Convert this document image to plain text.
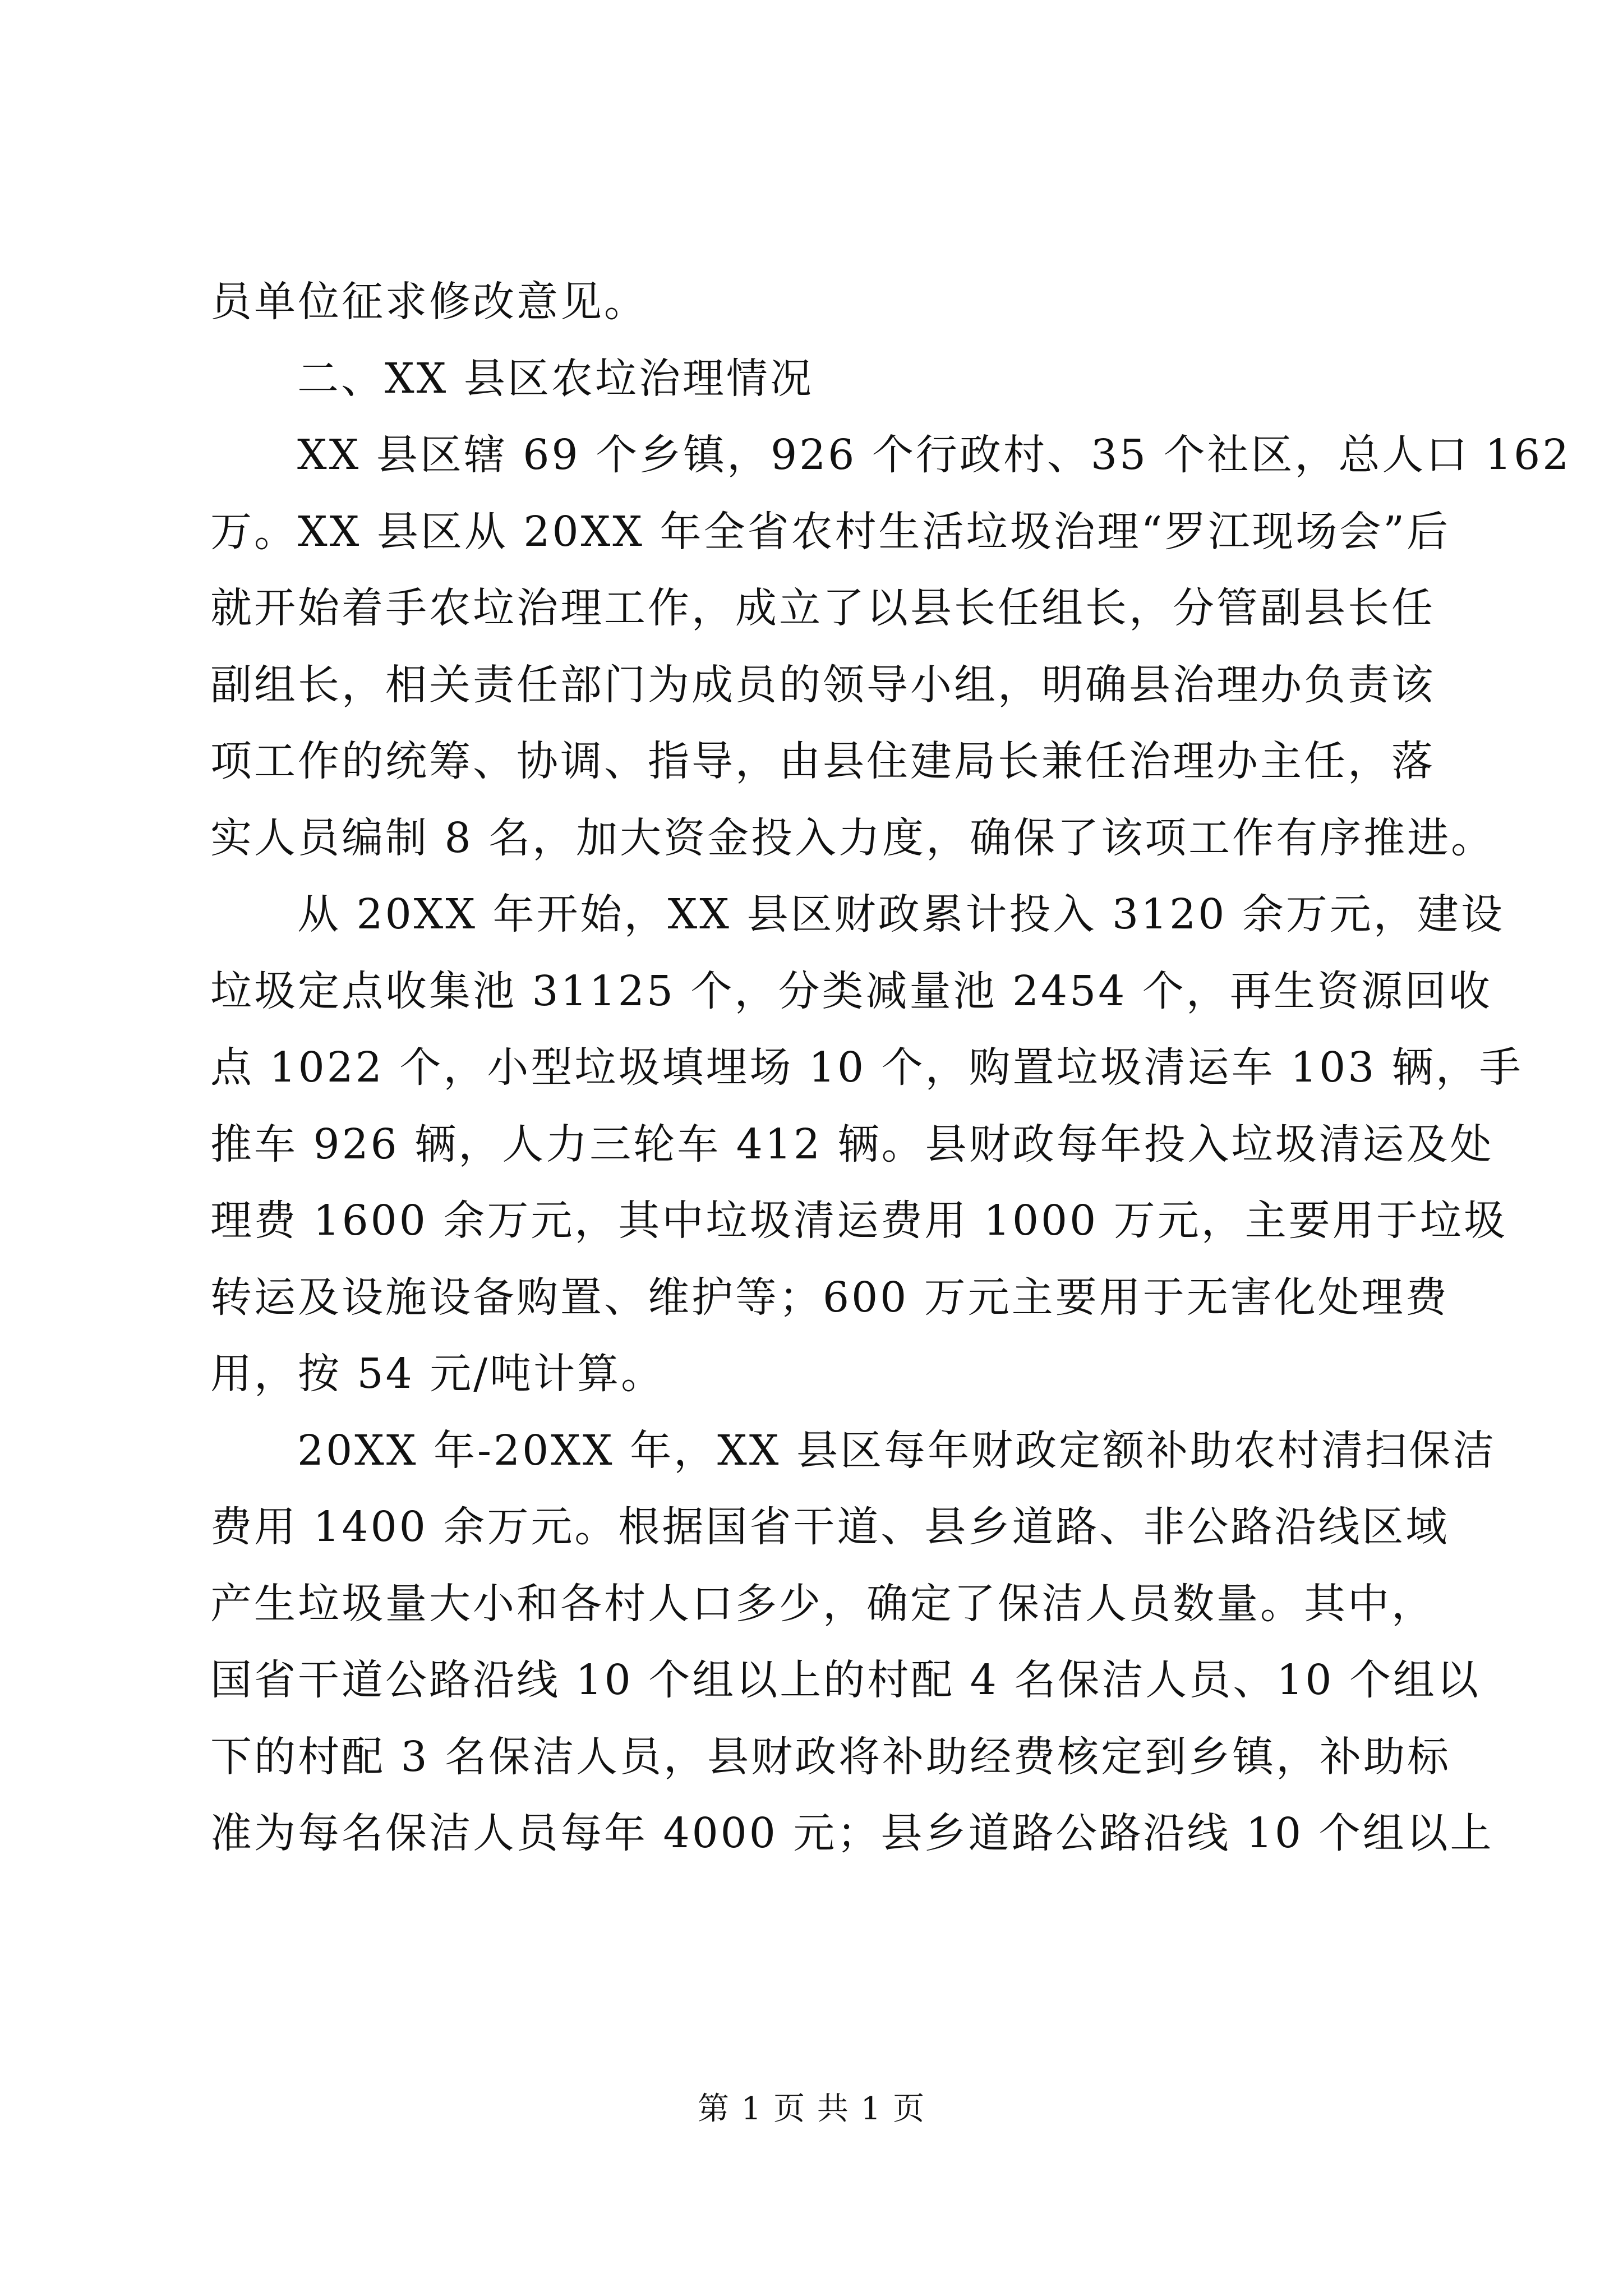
员单位征求修改意见。
二、XX 县区农垃治理情况
XX 县区辖 69 个乡镇，926 个行政村、35 个社区，总人口 162
万。XX 县区从 20XX 年全省农村生活垃圾治理“罗江现场会”后
就开始着手农垃治理工作，成立了以县长任组长，分管副县长任
副组长，相关责任部门为成员的领导小组，明确县治理办负责该
项工作的统筹、协调、指导，由县住建局长兼任治理办主任，落
实人员编制 8 名，加大资金投入力度，确保了该项工作有序推进。
从 20XX 年开始，XX 县区财政累计投入 3120 余万元，建设
垃圾定点收集池 31125 个，分类减量池 2454 个，再生资源回收
点 1022 个，小型垃圾填埋场 10 个，购置垃圾清运车 103 辆，手
推车 926 辆，人力三轮车 412 辆。县财政每年投入垃圾清运及处
理费 1600 余万元，其中垃圾清运费用 1000 万元，主要用于垃圾
转运及设施设备购置、维护等；600 万元主要用于无害化处理费
用，按 54 元/吨计算。
20XX 年-20XX 年，XX 县区每年财政定额补助农村清扫保洁
费用 1400 余万元。根据国省干道、县乡道路、非公路沿线区域
产生垃圾量大小和各村人口多少，确定了保洁人员数量。其中，
国省干道公路沿线 10 个组以上的村配 4 名保洁人员、10 个组以
下的村配 3 名保洁人员，县财政将补助经费核定到乡镇，补助标
准为每名保洁人员每年 4000 元；县乡道路公路沿线 10 个组以上
第 1 页 共 1 页
